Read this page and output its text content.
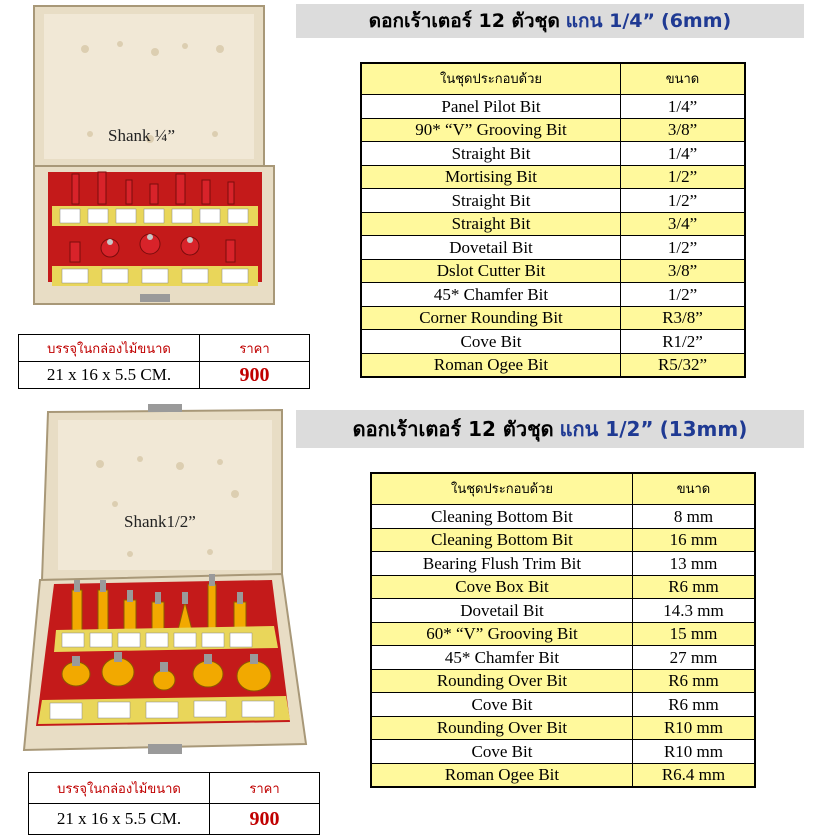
ดอกเร้าเตอร์ 12 ตัวชุด แกน 1/4” (6mm)
Shank ¼”
ในชุดประกอบด้วย	ขนาด
Panel Pilot Bit	1/4”
90* “V” Grooving Bit	3/8”
Straight Bit	1/4”
Mortising Bit	1/2”
Straight Bit	1/2”
Straight Bit	3/4”
Dovetail Bit	1/2”
Dslot Cutter Bit	3/8”
45* Chamfer Bit	1/2”
Corner Rounding Bit	R3/8”
Cove Bit	R1/2”
Roman Ogee Bit	R5/32”
บรรจุในกล่องไม้ขนาด	ราคา
21 x 16 x 5.5 CM.	900
ดอกเร้าเตอร์ 12 ตัวชุด แกน 1/2” (13mm)
Shank1/2”
ในชุดประกอบด้วย	ขนาด
Cleaning Bottom Bit	8 mm
Cleaning Bottom Bit	16 mm
Bearing Flush Trim Bit	13 mm
Cove Box Bit	R6 mm
Dovetail Bit	14.3 mm
60* “V” Grooving Bit	15 mm
45* Chamfer Bit	27 mm
Rounding Over Bit	R6 mm
Cove Bit	R6 mm
Rounding Over Bit	R10 mm
Cove Bit	R10 mm
Roman Ogee Bit	R6.4 mm
บรรจุในกล่องไม้ขนาด	ราคา
21 x 16 x 5.5 CM.	900
